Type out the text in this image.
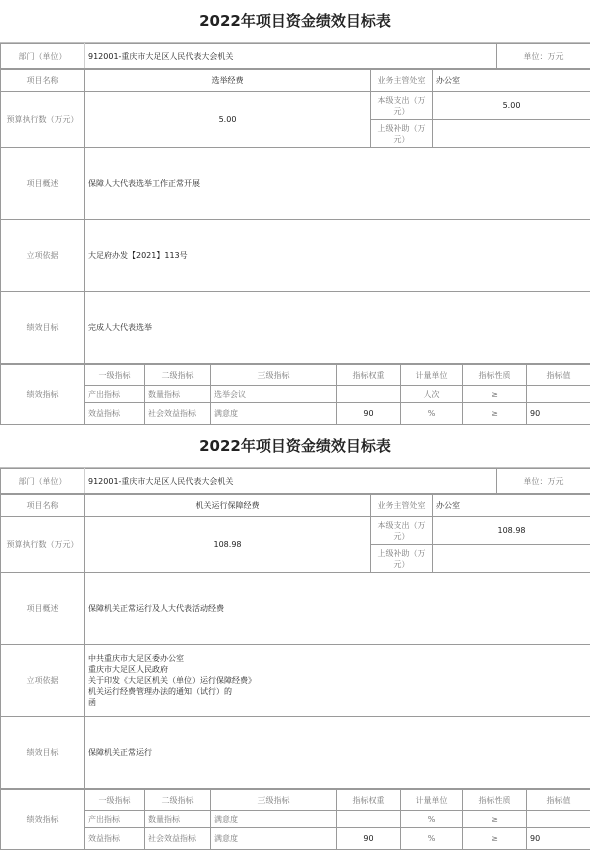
2022年项目资金绩效目标表
部门（单位）	912001-重庆市大足区人民代表大会机关	单位：万元
项目名称	选举经费	业务主管处室	办公室
预算执行数（万元）	5.00	本级支出（万元）	5.00
		上级补助（万元）	
项目概述	保障人大代表选举工作正常开展		
立项依据	大足府办发【2021】113号		
绩效目标	完成人大代表选举		
绩效指标	一级指标	二级指标	三级指标	指标权重	计量单位	指标性质	指标值
	产出指标	数量指标	选举会议		人次	≥	
	效益指标	社会效益指标	满意度	90	%	≥	90
2022年项目资金绩效目标表
部门（单位）	912001-重庆市大足区人民代表大会机关	单位：万元
项目名称	机关运行保障经费	业务主管处室	办公室
预算执行数（万元）	108.98	本级支出（万元）	108.98
		上级补助（万元）	
项目概述	保障机关正常运行及人大代表活动经费		
立项依据	中共重庆市大足区委办公室
重庆市大足区人民政府
关于印发《大足区机关（单位）运行保障经费》
机关运行经费管理办法的通知（试行）的
函		
绩效目标	保障机关正常运行		
绩效指标	一级指标	二级指标	三级指标	指标权重	计量单位	指标性质	指标值
	产出指标	数量指标	满意度		%	≥	
	效益指标	社会效益指标	满意度	90	%	≥	90
